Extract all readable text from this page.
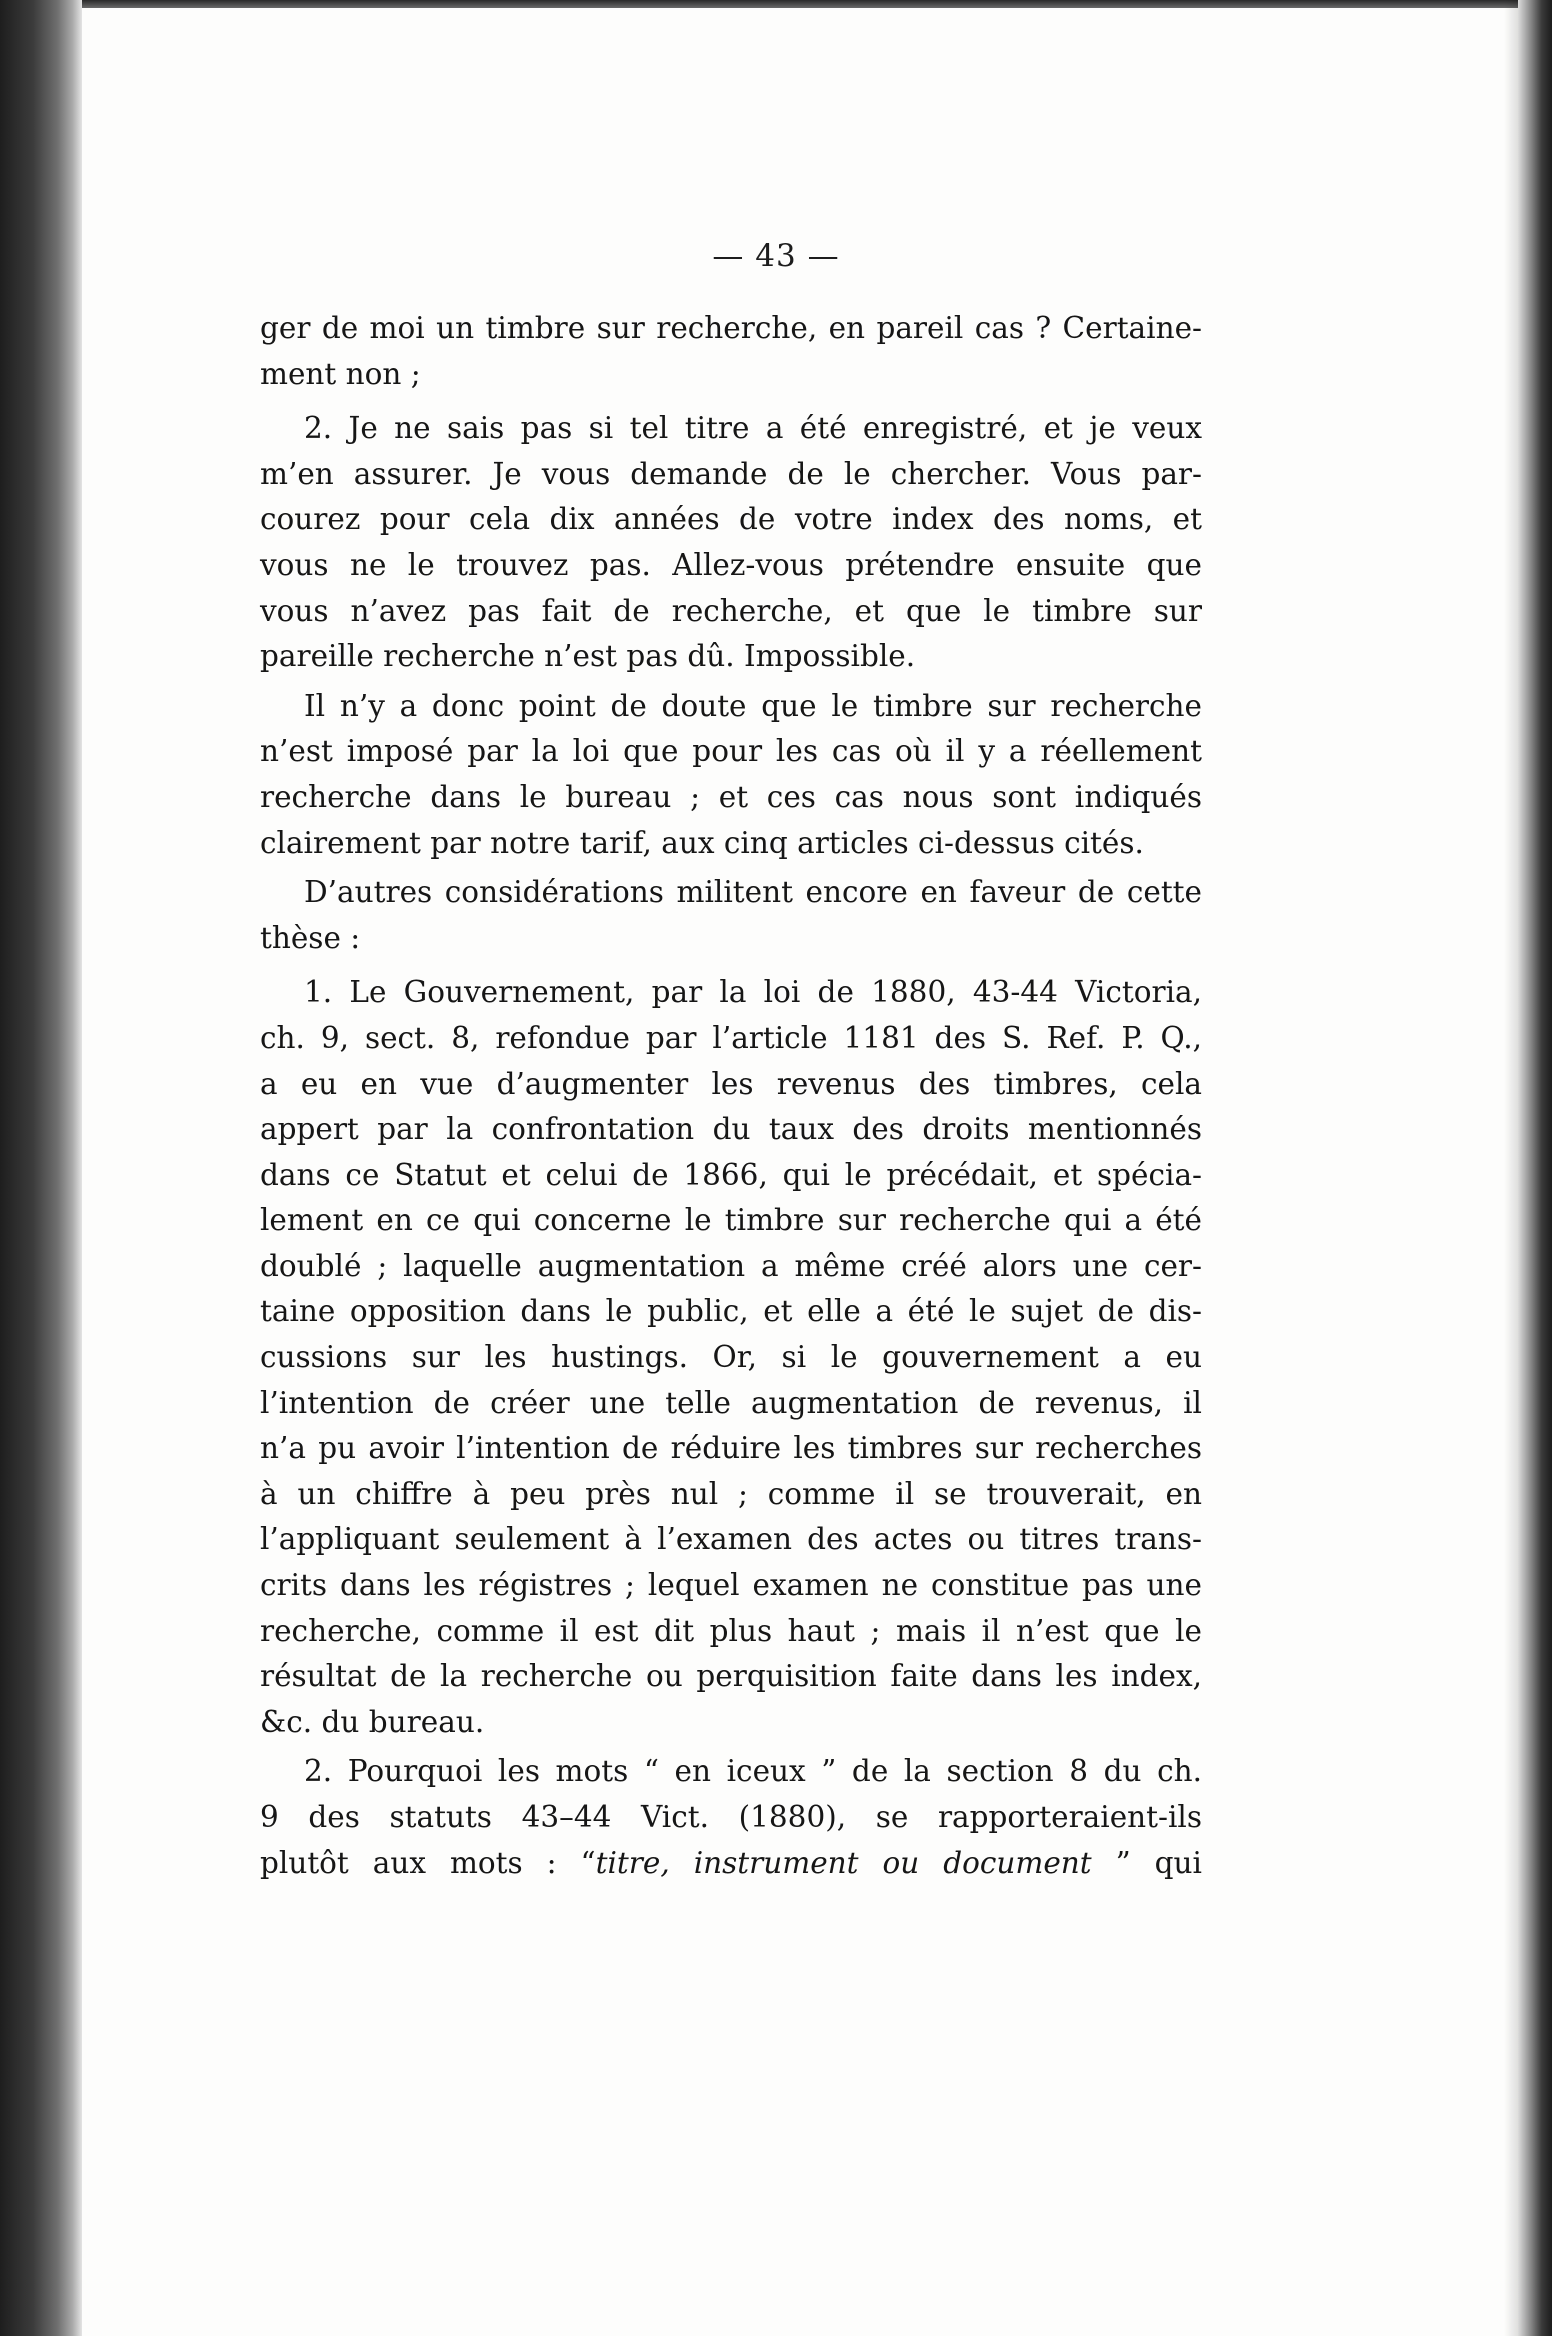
— 43 —
ger de moi un timbre sur recherche, en pareil cas ? Certaine-
ment non ;
2. Je ne sais pas si tel titre a été enregistré, et je veux
m’en assurer. Je vous demande de le chercher. Vous par-
courez pour cela dix années de votre index des noms, et
vous ne le trouvez pas. Allez-vous prétendre ensuite que
vous n’avez pas fait de recherche, et que le timbre sur
pareille recherche n’est pas dû. Impossible.
Il n’y a donc point de doute que le timbre sur recherche
n’est imposé par la loi que pour les cas où il y a réellement
recherche dans le bureau ; et ces cas nous sont indiqués
clairement par notre tarif, aux cinq articles ci-dessus cités.
D’autres considérations militent encore en faveur de cette
thèse :
1. Le Gouvernement, par la loi de 1880, 43-44 Victoria,
ch. 9, sect. 8, refondue par l’article 1181 des S. Ref. P. Q.,
a eu en vue d’augmenter les revenus des timbres, cela
appert par la confrontation du taux des droits mentionnés
dans ce Statut et celui de 1866, qui le précédait, et spécia-
lement en ce qui concerne le timbre sur recherche qui a été
doublé ; laquelle augmentation a même créé alors une cer-
taine opposition dans le public, et elle a été le sujet de dis-
cussions sur les hustings. Or, si le gouvernement a eu
l’intention de créer une telle augmentation de revenus, il
n’a pu avoir l’intention de réduire les timbres sur recherches
à un chiffre à peu près nul ; comme il se trouverait, en
l’appliquant seulement à l’examen des actes ou titres trans-
crits dans les régistres ; lequel examen ne constitue pas une
recherche, comme il est dit plus haut ; mais il n’est que le
résultat de la recherche ou perquisition faite dans les index,
&c. du bureau.
2. Pourquoi les mots “ en iceux ” de la section 8 du ch.
9 des statuts 43–44 Vict. (1880), se rapporteraient-ils
plutôt aux mots : “titre, instrument ou document ” qui
